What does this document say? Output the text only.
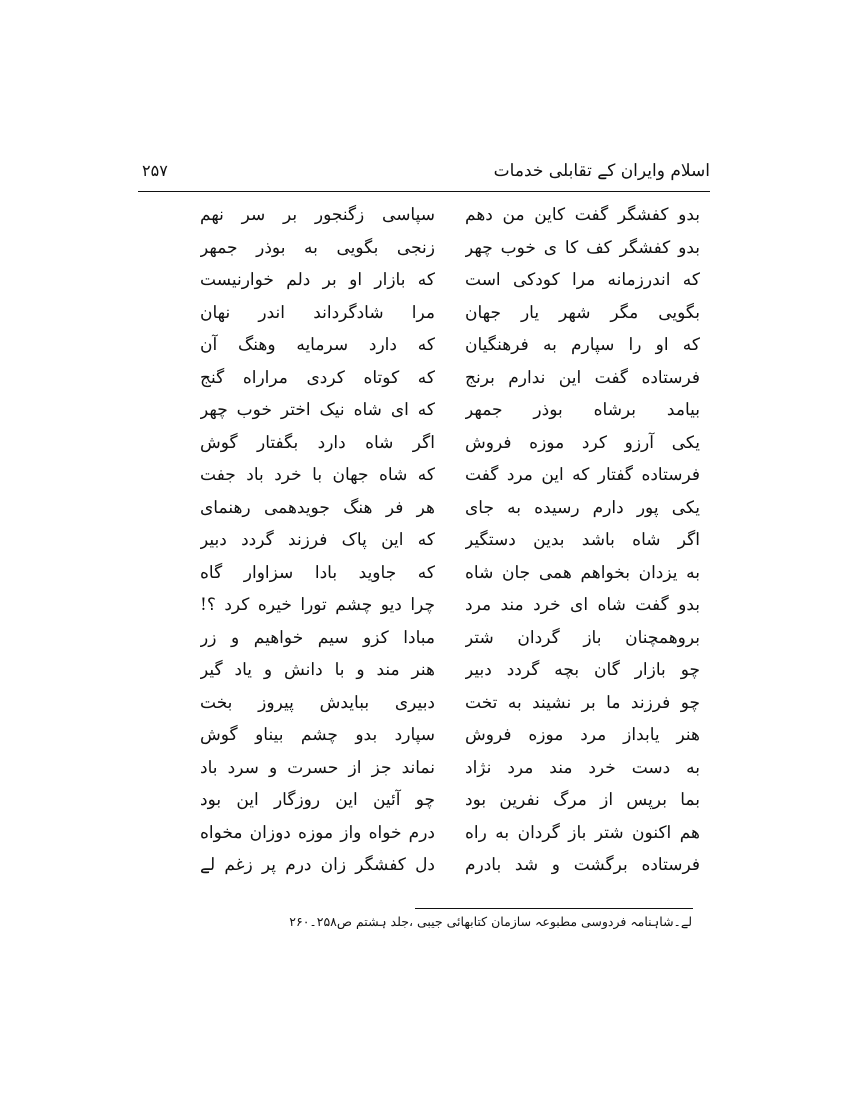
اسلام وایران کے تقابلی خدمات
۲۵۷
بدو کفشگر گفت کاین من دھم
سپاسی زگنجور بر سر نهم
بدو کفشگر کف کا ی خوب چهر
زنجی بگویی به بوذر جمهر
که اندرزمانه مرا کودکی است
که بازار او بر دلم خوارنیست
بگویی مگر شهر یار جهان
مرا شادگرداند اندر نهان
که او را سپارم به فرهنگیان
که دارد سرمایه وهنگ آن
فرستاده گفت این ندارم برنج
که کوتاه کردی مراراه گنج
بیامد برشاه بوذر جمهر
که ای شاه نیک اختر خوب چهر
یکی آرزو کرد موزه فروش
اگر شاه دارد بگفتار گوش
فرستاده گفتار که این مرد گفت
که شاه جهان با خرد باد جفت
یکی پور دارم رسیده به جای
هر فر هنگ جویدهمی رهنمای
اگر شاه باشد بدین دستگیر
که این پاک فرزند گردد دبیر
به یزدان بخواهم همی جان شاه
که جاوید بادا سزاوار گاه
بدو گفت شاه ای خرد مند مرد
چرا دیو چشم تورا خیره کرد ؟!
بروهمچنان باز گردان شتر
مبادا کزو سیم خواهیم و زر
چو بازار گان بچه گردد دبیر
هنر مند و با دانش و یاد گیر
چو فرزند ما بر نشیند به تخت
دبیری ببایدش پیروز بخت
هنر یابداز مرد موزه فروش
سپارد بدو چشم بیناو گوش
به دست خرد مند مرد نژاد
نماند جز از حسرت و سرد باد
بما برپس از مرگ نفرین بود
چو آئین این روزگار این بود
هم اکنون شتر باز گردان به راه
درم خواه واز موزه دوزان مخواه
فرستاده برگشت و شد بادرم
دل کفشگر زان درم پر زغم لے
لے۔شاہنامہ فردوسی مطبوعہ سازمان کتابھائی جیبی ،جلد ہشتم ص۲۵۸۔۲۶۰
